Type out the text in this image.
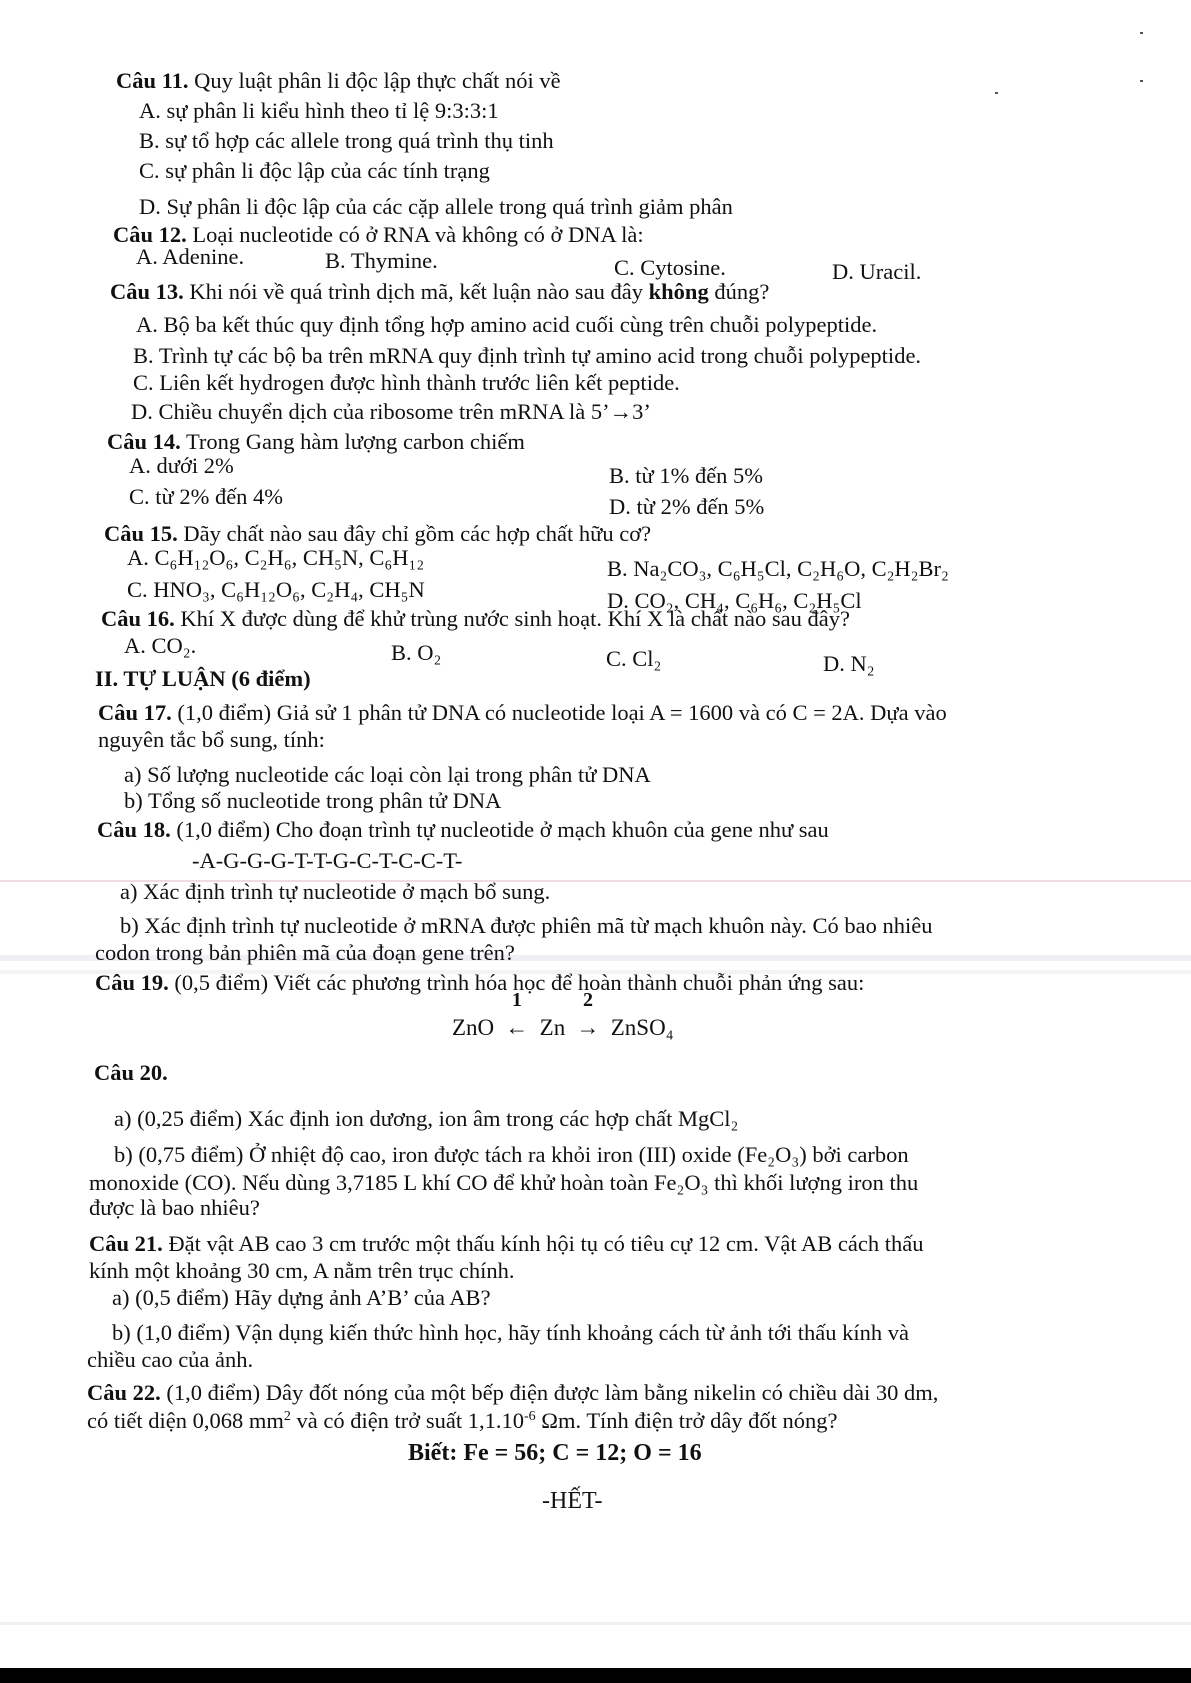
Câu 11. Quy luật phân li độc lập thực chất nói về
A. sự phân li kiểu hình theo tỉ lệ 9:3:3:1
B. sự tổ hợp các allele trong quá trình thụ tinh
C. sự phân li độc lập của các tính trạng
D. Sự phân li độc lập của các cặp allele trong quá trình giảm phân
Câu 12. Loại nucleotide có ở RNA và không có ở DNA là:
A. Adenine.	B. Thymine.	C. Cytosine.	D. Uracil.
Câu 13. Khi nói về quá trình dịch mã, kết luận nào sau đây không đúng?
A. Bộ ba kết thúc quy định tổng hợp amino acid cuối cùng trên chuỗi polypeptide.
B. Trình tự các bộ ba trên mRNA quy định trình tự amino acid trong chuỗi polypeptide.
C. Liên kết hydrogen được hình thành trước liên kết peptide.
D. Chiều chuyển dịch của ribosome trên mRNA là 5’→3’
Câu 14. Trong Gang hàm lượng carbon chiếm
A. dưới 2%	B. từ 1% đến 5%
C. từ 2% đến 4%	D. từ 2% đến 5%
Câu 15. Dãy chất nào sau đây chỉ gồm các hợp chất hữu cơ?
A. C₆H₁₂O₆, C₂H₆, CH₅N, C₆H₁₂	B. Na₂CO₃, C₆H₅Cl, C₂H₆O, C₂H₂Br₂
C. HNO₃, C₆H₁₂O₆, C₂H₄, CH₅N	D. CO₂, CH₄, C₆H₆, C₂H₅Cl
Câu 16. Khí X được dùng để khử trùng nước sinh hoạt. Khí X là chất nào sau đây?
A. CO₂.	B. O₂	C. Cl₂	D. N₂
II. TỰ LUẬN (6 điểm)
Câu 17. (1,0 điểm) Giả sử 1 phân tử DNA có nucleotide loại A = 1600 và có C = 2A. Dựa vào
nguyên tắc bổ sung, tính:
a) Số lượng nucleotide các loại còn lại trong phân tử DNA
b) Tổng số nucleotide trong phân tử DNA
Câu 18. (1,0 điểm) Cho đoạn trình tự nucleotide ở mạch khuôn của gene như sau
-A-G-G-G-T-T-G-C-T-C-C-T-
a) Xác định trình tự nucleotide ở mạch bổ sung.
b) Xác định trình tự nucleotide ở mRNA được phiên mã từ mạch khuôn này. Có bao nhiêu
codon trong bản phiên mã của đoạn gene trên?
Câu 19. (0,5 điểm) Viết các phương trình hóa học để hoàn thành chuỗi phản ứng sau:
ZnO
1
← Zn
2
→ ZnSO₄
Câu 20.
a) (0,25 điểm) Xác định ion dương, ion âm trong các hợp chất MgCl₂
b) (0,75 điểm) Ở nhiệt độ cao, iron được tách ra khỏi iron (III) oxide (Fe₂O₃) bởi carbon
monoxide (CO). Nếu dùng 3,7185 L khí CO để khử hoàn toàn Fe₂O₃ thì khối lượng iron thu
được là bao nhiêu?
Câu 21. Đặt vật AB cao 3 cm trước một thấu kính hội tụ có tiêu cự 12 cm. Vật AB cách thấu
kính một khoảng 30 cm, A nằm trên trục chính.
a) (0,5 điểm) Hãy dựng ảnh A’B’ của AB?
b) (1,0 điểm) Vận dụng kiến thức hình học, hãy tính khoảng cách từ ảnh tới thấu kính và
chiều cao của ảnh.
Câu 22. (1,0 điểm) Dây đốt nóng của một bếp điện được làm bằng nikelin có chiều dài 30 dm,
có tiết diện 0,068 $mm^2$ và có điện trở suất $1,1.10^{-6}$ Ωm. Tính điện trở dây đốt nóng?
Biết: Fe = 56; C = 12; O = 16
-HẾT-
